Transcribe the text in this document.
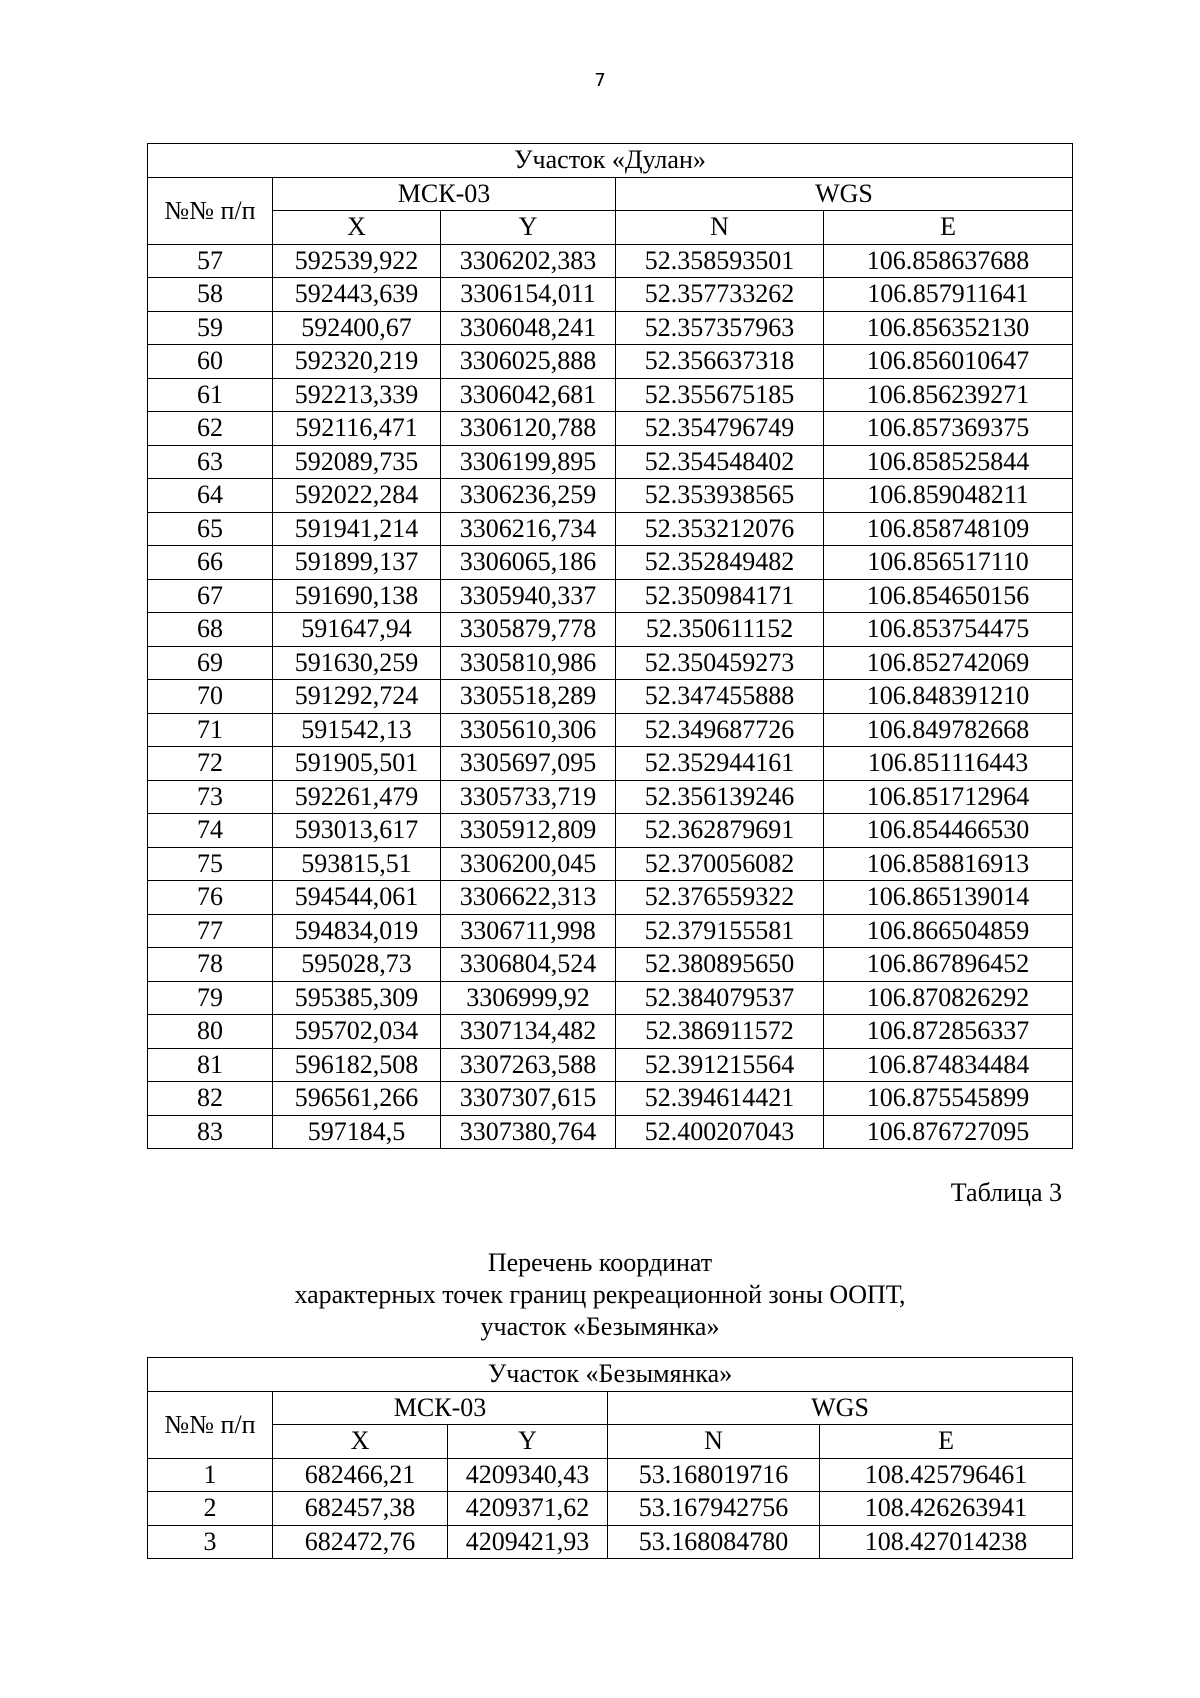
7
Участок «Дулан»				
№№ п/п	МСК-03		WGS	
	X	Y	N	E
57	592539,922	3306202,383	52.358593501	106.858637688
58	592443,639	3306154,011	52.357733262	106.857911641
59	592400,67	3306048,241	52.357357963	106.856352130
60	592320,219	3306025,888	52.356637318	106.856010647
61	592213,339	3306042,681	52.355675185	106.856239271
62	592116,471	3306120,788	52.354796749	106.857369375
63	592089,735	3306199,895	52.354548402	106.858525844
64	592022,284	3306236,259	52.353938565	106.859048211
65	591941,214	3306216,734	52.353212076	106.858748109
66	591899,137	3306065,186	52.352849482	106.856517110
67	591690,138	3305940,337	52.350984171	106.854650156
68	591647,94	3305879,778	52.350611152	106.853754475
69	591630,259	3305810,986	52.350459273	106.852742069
70	591292,724	3305518,289	52.347455888	106.848391210
71	591542,13	3305610,306	52.349687726	106.849782668
72	591905,501	3305697,095	52.352944161	106.851116443
73	592261,479	3305733,719	52.356139246	106.851712964
74	593013,617	3305912,809	52.362879691	106.854466530
75	593815,51	3306200,045	52.370056082	106.858816913
76	594544,061	3306622,313	52.376559322	106.865139014
77	594834,019	3306711,998	52.379155581	106.866504859
78	595028,73	3306804,524	52.380895650	106.867896452
79	595385,309	3306999,92	52.384079537	106.870826292
80	595702,034	3307134,482	52.386911572	106.872856337
81	596182,508	3307263,588	52.391215564	106.874834484
82	596561,266	3307307,615	52.394614421	106.875545899
83	597184,5	3307380,764	52.400207043	106.876727095
Таблица 3
Перечень координат
характерных точек границ рекреационной зоны ООПТ,
участок «Безымянка»
Участок «Безымянка»				
№№ п/п	МСК-03		WGS	
	X	Y	N	E
1	682466,21	4209340,43	53.168019716	108.425796461
2	682457,38	4209371,62	53.167942756	108.426263941
3	682472,76	4209421,93	53.168084780	108.427014238
